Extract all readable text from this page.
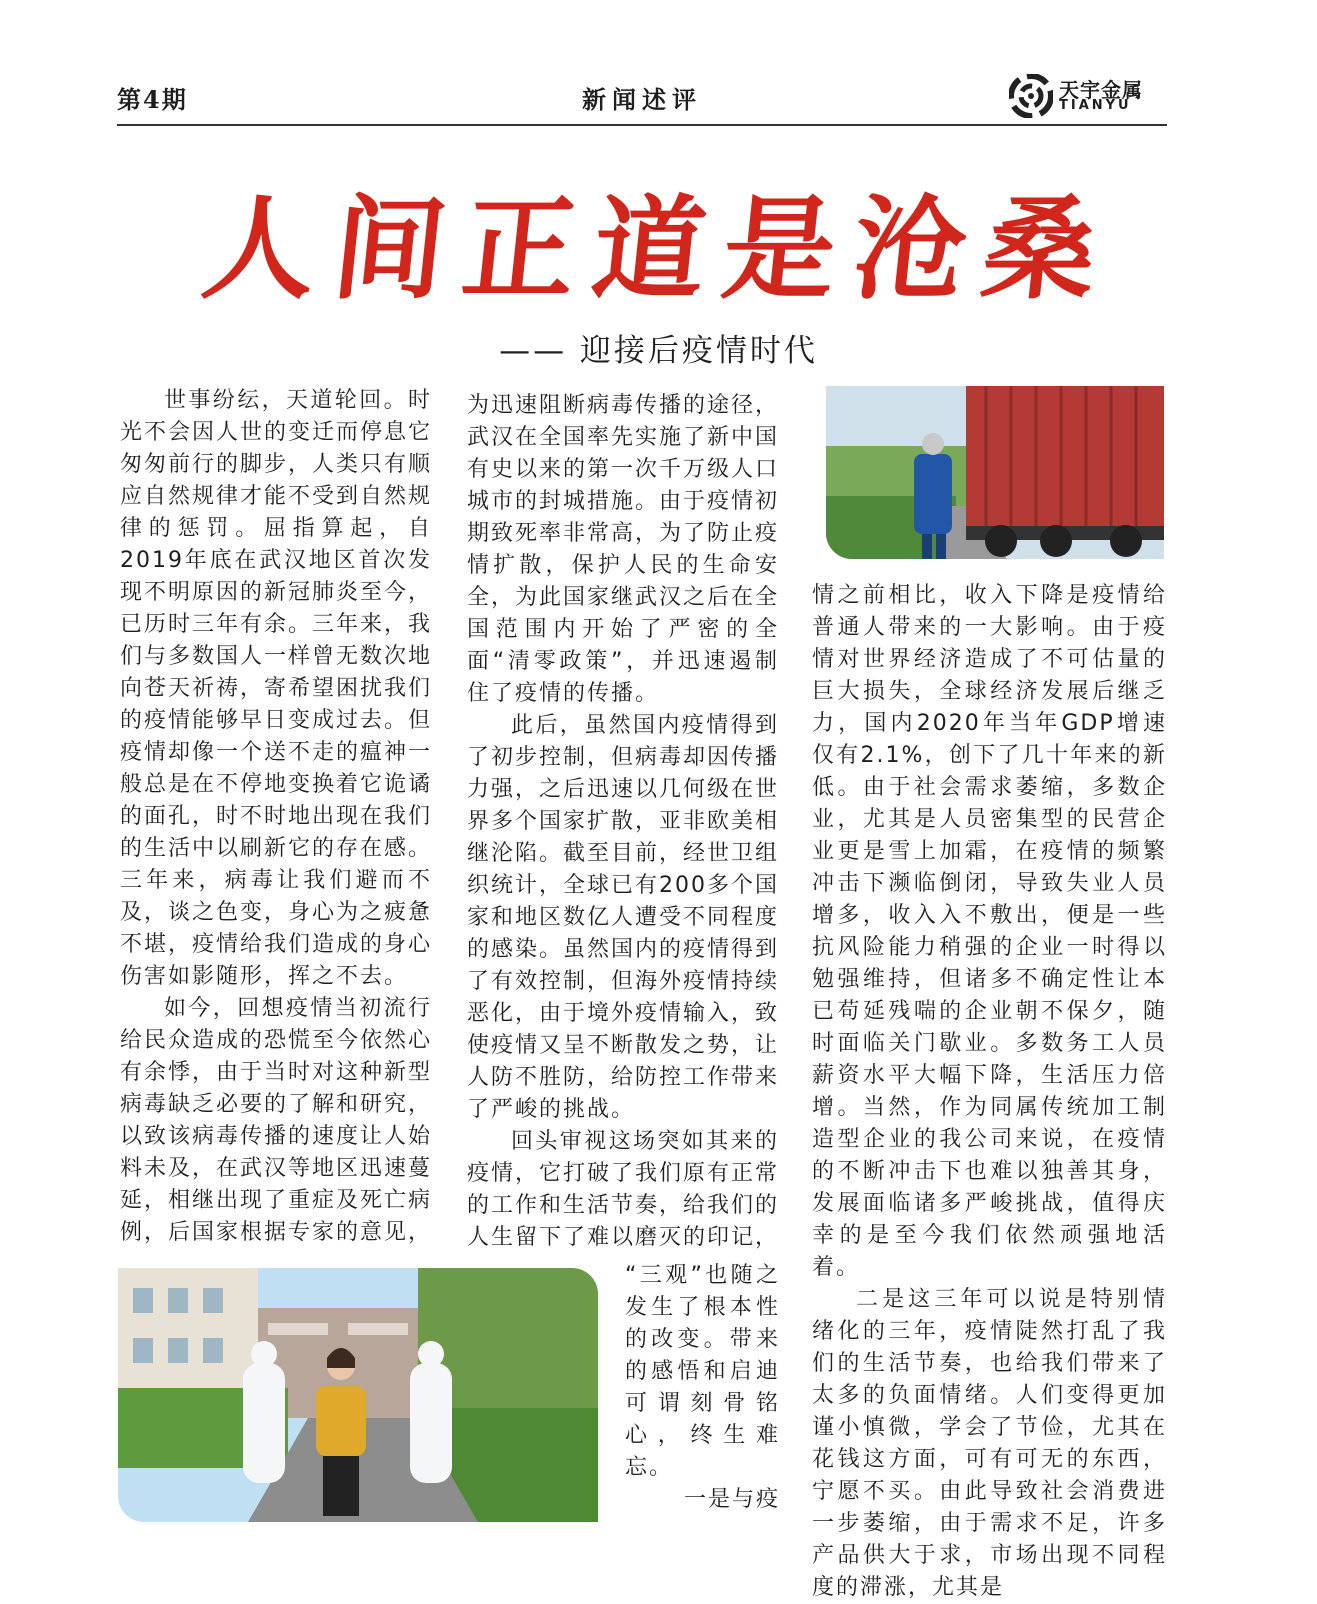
第4期	新闻述评	天宇金属
TIANYU
人间正道是沧桑
—— 迎接后疫情时代

世事纷纭，天道轮回。时光不会因人世的变迁而停息它匆匆前行的脚步，人类只有顺应自然规律才能不受到自然规律的惩罚。屈指算起，自2019年底在武汉地区首次发现不明原因的新冠肺炎至今，已历时三年有余。三年来，我们与多数国人一样曾无数次地向苍天祈祷，寄希望困扰我们的疫情能够早日变成过去。但疫情却像一个送不走的瘟神一般总是在不停地变换着它诡谲的面孔，时不时地出现在我们的生活中以刷新它的存在感。三年来，病毒让我们避而不及，谈之色变，身心为之疲惫不堪，疫情给我们造成的身心伤害如影随形，挥之不去。

如今，回想疫情当初流行给民众造成的恐慌至今依然心有余悸，由于当时对这种新型病毒缺乏必要的了解和研究，以致该病毒传播的速度让人始料未及，在武汉等地区迅速蔓延，相继出现了重症及死亡病例，后国家根据专家的意见，

为迅速阻断病毒传播的途径，武汉在全国率先实施了新中国有史以来的第一次千万级人口城市的封城措施。由于疫情初期致死率非常高，为了防止疫情扩散，保护人民的生命安全，为此国家继武汉之后在全国范围内开始了严密的全面“清零政策”，并迅速遏制住了疫情的传播。

此后，虽然国内疫情得到了初步控制，但病毒却因传播力强，之后迅速以几何级在世界多个国家扩散，亚非欧美相继沦陷。截至目前，经世卫组织统计，全球已有200多个国家和地区数亿人遭受不同程度的感染。虽然国内的疫情得到了有效控制，但海外疫情持续恶化，由于境外疫情输入，致使疫情又呈不断散发之势，让人防不胜防，给防控工作带来了严峻的挑战。

回头审视这场突如其来的疫情，它打破了我们原有正常的工作和生活节奏，给我们的人生留下了难以磨灭的印记，

“三观”也随之发生了根本性的改变。带来的感悟和启迪可谓刻骨铭心，终生难忘。

一是与疫

情之前相比，收入下降是疫情给普通人带来的一大影响。由于疫情对世界经济造成了不可估量的巨大损失，全球经济发展后继乏力，国内2020年当年GDP增速仅有2.1%，创下了几十年来的新低。由于社会需求萎缩，多数企业，尤其是人员密集型的民营企业更是雪上加霜，在疫情的频繁冲击下濒临倒闭，导致失业人员增多，收入入不敷出，便是一些抗风险能力稍强的企业一时得以勉强维持，但诸多不确定性让本已苟延残喘的企业朝不保夕，随时面临关门歇业。多数务工人员薪资水平大幅下降，生活压力倍增。当然，作为同属传统加工制造型企业的我公司来说，在疫情的不断冲击下也难以独善其身，发展面临诸多严峻挑战，值得庆幸的是至今我们依然顽强地活着。

二是这三年可以说是特别情绪化的三年，疫情陡然打乱了我们的生活节奏，也给我们带来了太多的负面情绪。人们变得更加谨小慎微，学会了节俭，尤其在花钱这方面，可有可无的东西，宁愿不买。由此导致社会消费进一步萎缩，由于需求不足，许多产品供大于求，市场出现不同程度的滞涨，尤其是
